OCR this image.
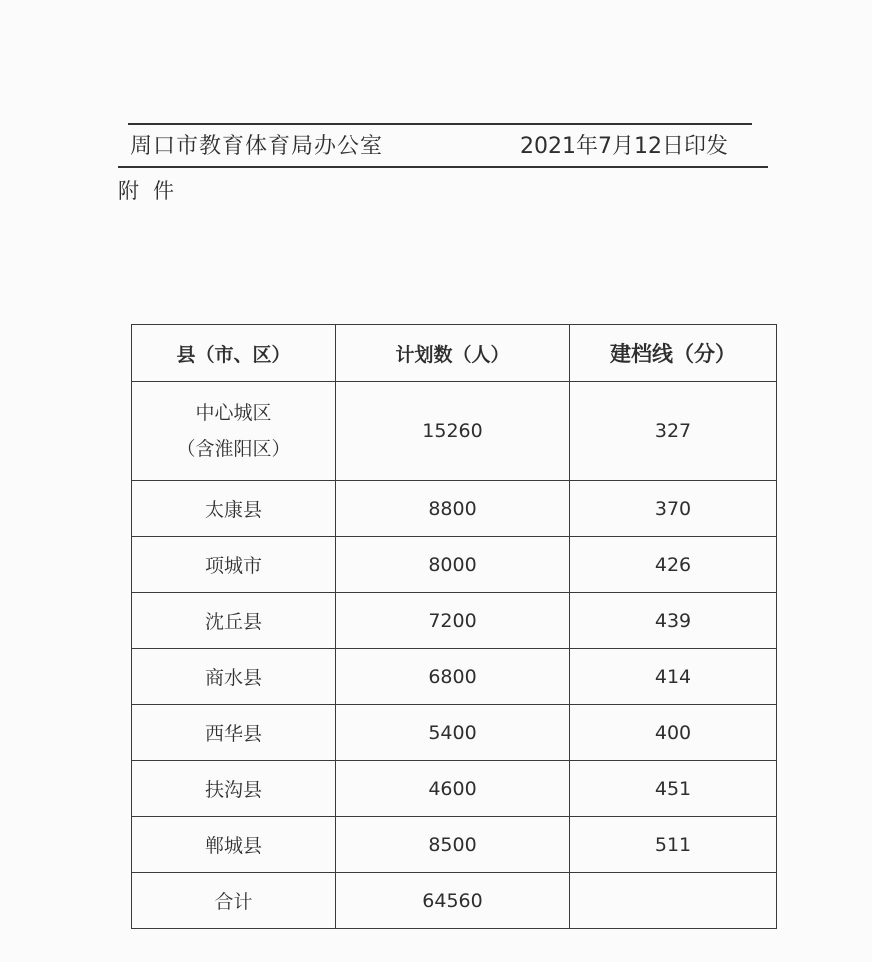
周口市教育体育局办公室	2021年7月12日印发
附件
县（市、区）	计划数（人）	建档线（分）
中心城区
（含淮阳区）	15260	327
太康县	8800	370
项城市	8000	426
沈丘县	7200	439
商水县	6800	414
西华县	5400	400
扶沟县	4600	451
郸城县	8500	511
合计	64560	
